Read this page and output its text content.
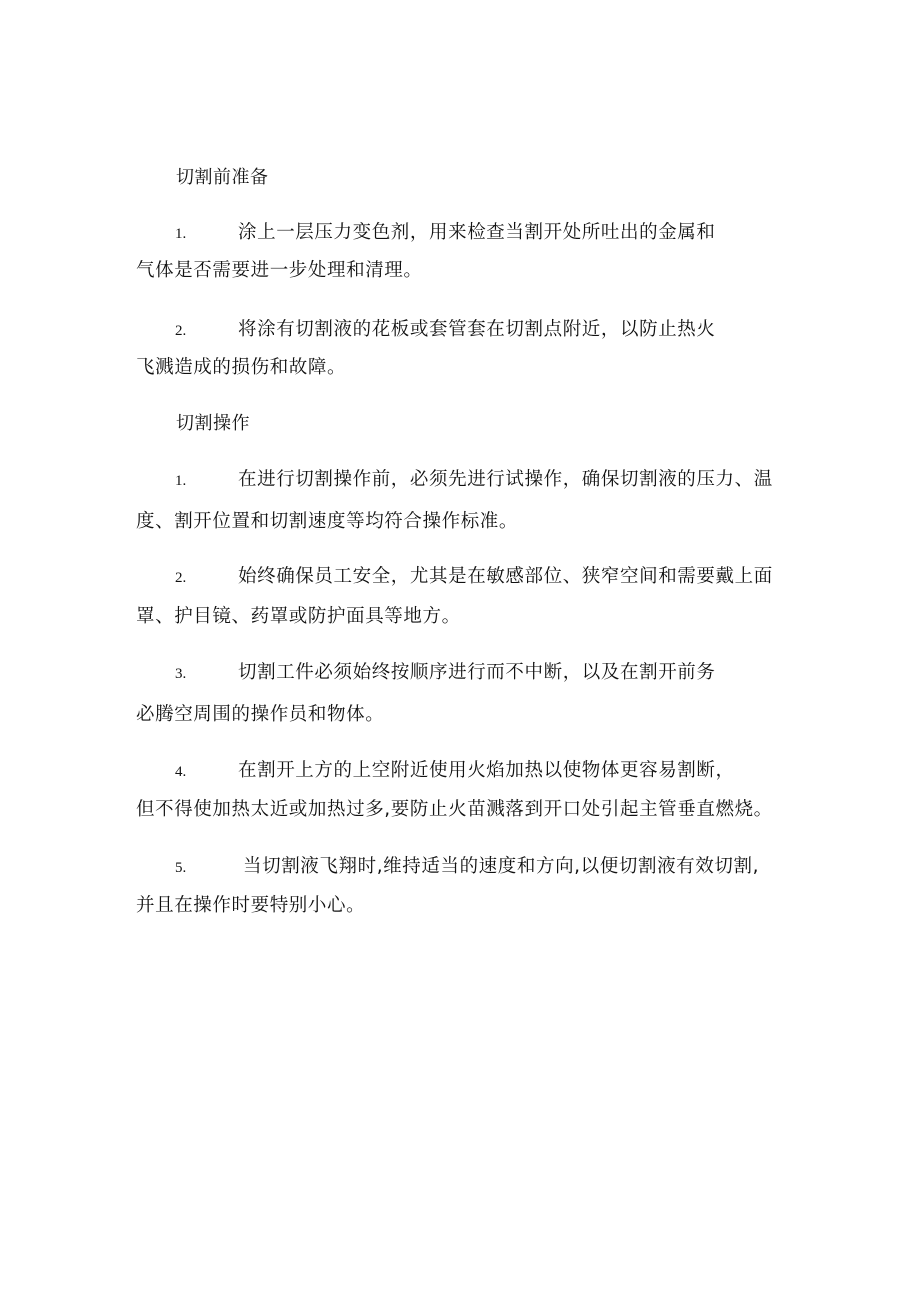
切割前准备
1.	涂上一层压力变色剂，用来检查当割开处所吐出的金属和
气体是否需要进一步处理和清理。
2.	将涂有切割液的花板或套管套在切割点附近，以防止热火
飞溅造成的损伤和故障。
切割操作
1.	在进行切割操作前，必须先进行试操作，确保切割液的压力、温
度、割开位置和切割速度等均符合操作标准。
2.	始终确保员工安全，尤其是在敏感部位、狭窄空间和需要戴上面
罩、护目镜、药罩或防护面具等地方。
3.	切割工件必须始终按顺序进行而不中断，以及在割开前务
必腾空周围的操作员和物体。
4.	在割开上方的上空附近使用火焰加热以使物体更容易割断，
但不得使加热太近或加热过多,要防止火苗溅落到开口处引起主管垂直燃烧。
5.	当切割液飞翔时,维持适当的速度和方向,以便切割液有效切割,
并且在操作时要特别小心。
